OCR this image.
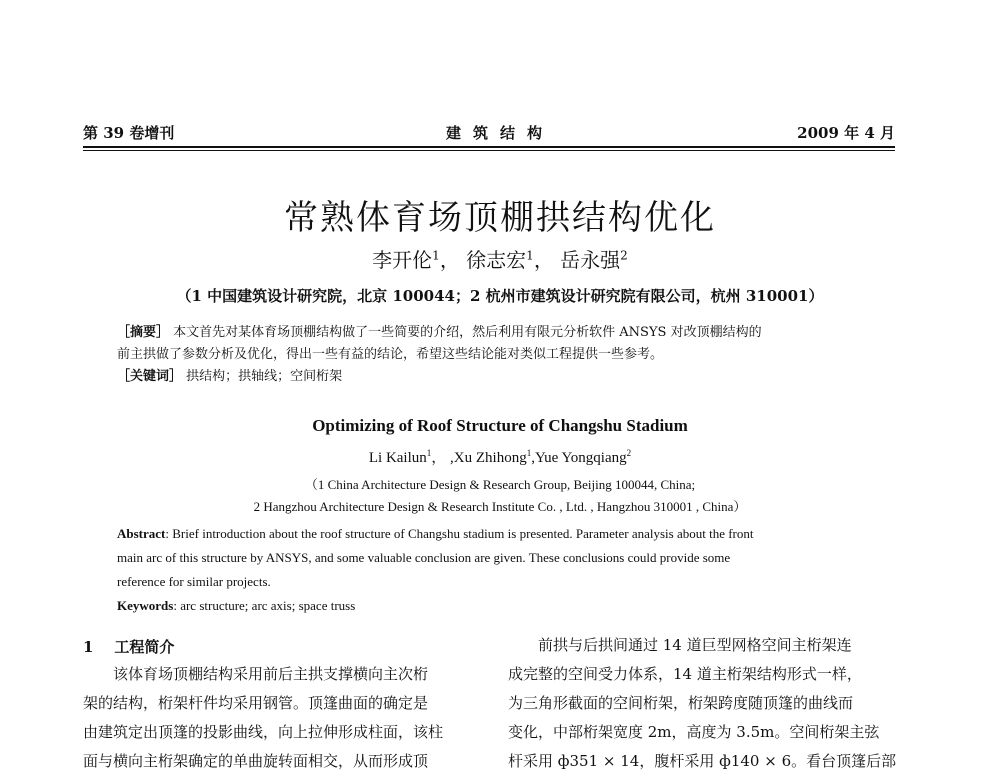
第 39 卷增刊	建筑结构	2009 年 4 月
常熟体育场顶棚拱结构优化
李开伦$^1$， 徐志宏$^1$， 岳永强$^2$
（1 中国建筑设计研究院，北京 100044；2 杭州市建筑设计研究院有限公司，杭州 310001）

［摘要］ 本文首先对某体育场顶棚结构做了一些简要的介绍，然后利用有限元分析软件 ANSYS 对改顶棚结构的

前主拱做了参数分析及优化，得出一些有益的结论，希望这些结论能对类似工程提供一些参考。

［关键词］ 拱结构；拱轴线；空间桁架

Optimizing of Roof Structure of Changshu Stadium
Li Kailun$^1$， ,Xu Zhihong$^1$,Yue Yongqiang$^2$
（1 China Architecture Design & Research Group, Beijing 100044, China;
2 Hangzhou Architecture Design & Research Institute Co. , Ltd. , Hangzhou 310001 , China）

Abstract: Brief introduction about the roof structure of Changshu stadium is presented. Parameter analysis about the front

main arc of this structure by ANSYS, and some valuable conclusion are given. These conclusions could provide some

reference for similar projects.

Keywords: arc structure; arc axis; space truss
1 工程简介

该体育场顶棚结构采用前后主拱支撑横向主次桁

架的结构，桁架杆件均采用钢管。顶篷曲面的确定是

由建筑定出顶篷的投影曲线，向上拉伸形成柱面，该柱

面与横向主桁架确定的单曲旋转面相交，从而形成顶

前拱与后拱间通过 14 道巨型网格空间主桁架连

成完整的空间受力体系，14 道主桁架结构形式一样，

为三角形截面的空间桁架，桁架跨度随顶篷的曲线而

变化，中部桁架宽度 2m，高度为 3.5m。空间桁架主弦

杆采用 ф351 × 14，腹杆采用 ф140 × 6。看台顶篷后部
